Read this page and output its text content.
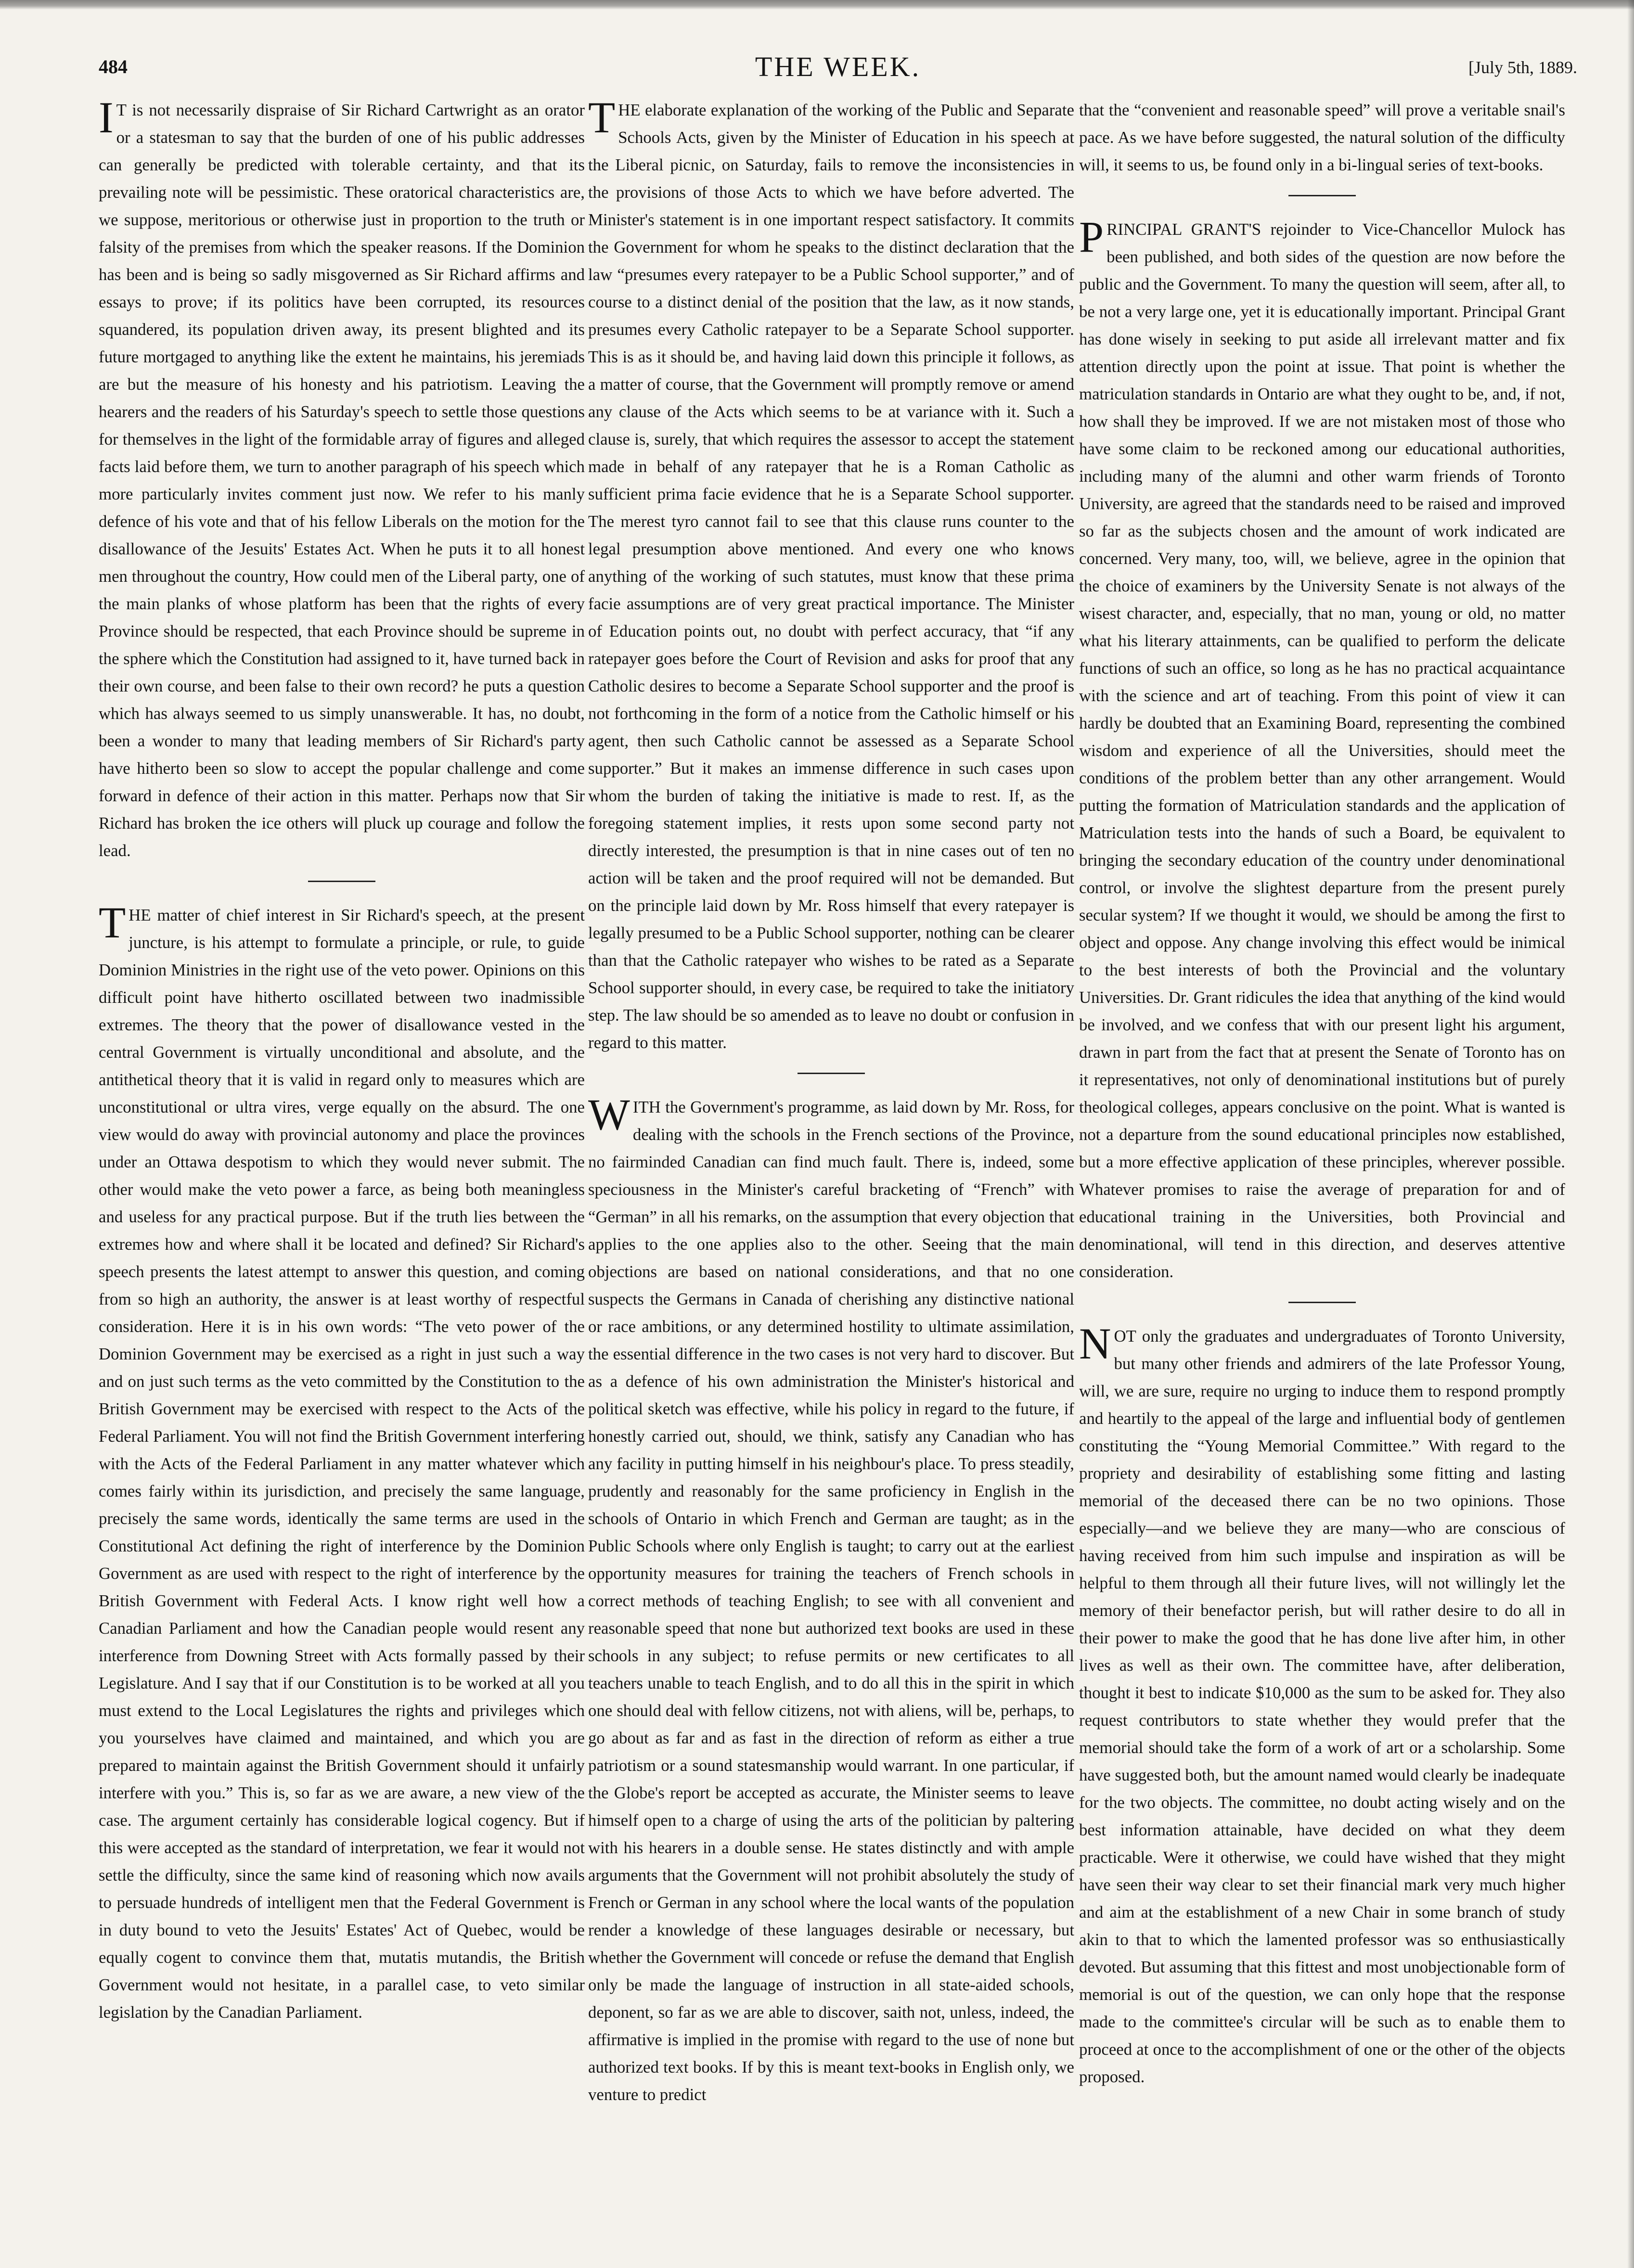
484	THE WEEK.	[July 5th, 1889.

I T is not necessarily dispraise of Sir Richard Cartwright as an orator or a statesman to say that the burden of one of his public addresses can generally be predicted with tolerable certainty, and that its prevailing note will be pessimistic. These oratorical characteristics are, we suppose, meritorious or otherwise just in proportion to the truth or falsity of the premises from which the speaker reasons. If the Dominion has been and is being so sadly misgoverned as Sir Richard affirms and essays to prove; if its politics have been corrupted, its resources squandered, its population driven away, its present blighted and its future mortgaged to anything like the extent he maintains, his jeremiads are but the measure of his honesty and his patriotism. Leaving the hearers and the readers of his Saturday's speech to settle those questions for themselves in the light of the formidable array of figures and alleged facts laid before them, we turn to another paragraph of his speech which more particularly invites comment just now. We refer to his manly defence of his vote and that of his fellow Liberals on the motion for the disallowance of the Jesuits' Estates Act. When he puts it to all honest men throughout the country, How could men of the Liberal party, one of the main planks of whose platform has been that the rights of every Province should be respected, that each Province should be supreme in the sphere which the Constitution had assigned to it, have turned back in their own course, and been false to their own record? he puts a question which has always seemed to us simply unanswerable. It has, no doubt, been a wonder to many that leading members of Sir Richard's party have hitherto been so slow to accept the popular challenge and come forward in defence of their action in this matter. Perhaps now that Sir Richard has broken the ice others will pluck up courage and follow the lead.

THE matter of chief interest in Sir Richard's speech, at the present juncture, is his attempt to formulate a principle, or rule, to guide Dominion Ministries in the right use of the veto power. Opinions on this difficult point have hitherto oscillated between two inadmissible extremes. The theory that the power of disallowance vested in the central Government is virtually unconditional and absolute, and the antithetical theory that it is valid in regard only to measures which are unconstitutional or ultra vires, verge equally on the absurd. The one view would do away with provincial autonomy and place the provinces under an Ottawa despotism to which they would never submit. The other would make the veto power a farce, as being both meaningless and useless for any practical purpose. But if the truth lies between the extremes how and where shall it be located and defined? Sir Richard's speech presents the latest attempt to answer this question, and coming from so high an authority, the answer is at least worthy of respectful consideration. Here it is in his own words: “The veto power of the Dominion Government may be exercised as a right in just such a way and on just such terms as the veto committed by the Constitution to the British Government may be exercised with respect to the Acts of the Federal Parliament. You will not find the British Government interfering with the Acts of the Federal Parliament in any matter whatever which comes fairly within its jurisdiction, and precisely the same language, precisely the same words, identically the same terms are used in the Constitutional Act defining the right of interference by the Dominion Government as are used with respect to the right of interference by the British Government with Federal Acts. I know right well how a Canadian Parliament and how the Canadian people would resent any interference from Downing Street with Acts formally passed by their Legislature. And I say that if our Constitution is to be worked at all you must extend to the Local Legislatures the rights and privileges which you yourselves have claimed and maintained, and which you are prepared to maintain against the British Government should it unfairly interfere with you.” This is, so far as we are aware, a new view of the case. The argument certainly has considerable logical cogency. But if this were accepted as the standard of interpretation, we fear it would not settle the difficulty, since the same kind of reasoning which now avails to persuade hundreds of intelligent men that the Federal Government is in duty bound to veto the Jesuits' Estates' Act of Quebec, would be equally cogent to convince them that, mutatis mutandis, the British Government would not hesitate, in a parallel case, to veto similar legislation by the Canadian Parliament.

THE elaborate explanation of the working of the Public and Separate Schools Acts, given by the Minister of Education in his speech at the Liberal picnic, on Saturday, fails to remove the inconsistencies in the provisions of those Acts to which we have before adverted. The Minister's statement is in one important respect satisfactory. It commits the Government for whom he speaks to the distinct declaration that the law “presumes every ratepayer to be a Public School supporter,” and of course to a distinct denial of the position that the law, as it now stands, presumes every Catholic ratepayer to be a Separate School supporter. This is as it should be, and having laid down this principle it follows, as a matter of course, that the Government will promptly remove or amend any clause of the Acts which seems to be at variance with it. Such a clause is, surely, that which requires the assessor to accept the statement made in behalf of any ratepayer that he is a Roman Catholic as sufficient prima facie evidence that he is a Separate School supporter. The merest tyro cannot fail to see that this clause runs counter to the legal presumption above mentioned. And every one who knows anything of the working of such statutes, must know that these prima facie assumptions are of very great practical importance. The Minister of Education points out, no doubt with perfect accuracy, that “if any ratepayer goes before the Court of Revision and asks for proof that any Catholic desires to become a Separate School supporter and the proof is not forthcoming in the form of a notice from the Catholic himself or his agent, then such Catholic cannot be assessed as a Separate School supporter.” But it makes an immense difference in such cases upon whom the burden of taking the initiative is made to rest. If, as the foregoing statement implies, it rests upon some second party not directly interested, the presumption is that in nine cases out of ten no action will be taken and the proof required will not be demanded. But on the principle laid down by Mr. Ross himself that every ratepayer is legally presumed to be a Public School supporter, nothing can be clearer than that the Catholic ratepayer who wishes to be rated as a Separate School supporter should, in every case, be required to take the initiatory step. The law should be so amended as to leave no doubt or confusion in regard to this matter.

WITH the Government's programme, as laid down by Mr. Ross, for dealing with the schools in the French sections of the Province, no fairminded Canadian can find much fault. There is, indeed, some speciousness in the Minister's careful bracketing of “French” with “German” in all his remarks, on the assumption that every objection that applies to the one applies also to the other. Seeing that the main objections are based on national considerations, and that no one suspects the Germans in Canada of cherishing any distinctive national or race ambitions, or any determined hostility to ultimate assimilation, the essential difference in the two cases is not very hard to discover. But as a defence of his own administration the Minister's historical and political sketch was effective, while his policy in regard to the future, if honestly carried out, should, we think, satisfy any Canadian who has any facility in putting himself in his neighbour's place. To press steadily, prudently and reasonably for the same proficiency in English in the schools of Ontario in which French and German are taught; as in the Public Schools where only English is taught; to carry out at the earliest opportunity measures for training the teachers of French schools in correct methods of teaching English; to see with all convenient and reasonable speed that none but authorized text books are used in these schools in any subject; to refuse permits or new certificates to all teachers unable to teach English, and to do all this in the spirit in which one should deal with fellow citizens, not with aliens, will be, perhaps, to go about as far and as fast in the direction of reform as either a true patriotism or a sound statesmanship would warrant. In one particular, if the Globe's report be accepted as accurate, the Minister seems to leave himself open to a charge of using the arts of the politician by paltering with his hearers in a double sense. He states distinctly and with ample arguments that the Government will not prohibit absolutely the study of French or German in any school where the local wants of the population render a knowledge of these languages desirable or necessary, but whether the Government will concede or refuse the demand that English only be made the language of instruction in all state-aided schools, deponent, so far as we are able to discover, saith not, unless, indeed, the affirmative is implied in the promise with regard to the use of none but authorized text books. If by this is meant text-books in English only, we venture to predict

that the “convenient and reasonable speed” will prove a veritable snail's pace. As we have before suggested, the natural solution of the difficulty will, it seems to us, be found only in a bi-lingual series of text-books.

PRINCIPAL GRANT'S rejoinder to Vice-Chancellor Mulock has been published, and both sides of the question are now before the public and the Government. To many the question will seem, after all, to be not a very large one, yet it is educationally important. Principal Grant has done wisely in seeking to put aside all irrelevant matter and fix attention directly upon the point at issue. That point is whether the matriculation standards in Ontario are what they ought to be, and, if not, how shall they be improved. If we are not mistaken most of those who have some claim to be reckoned among our educational authorities, including many of the alumni and other warm friends of Toronto University, are agreed that the standards need to be raised and improved so far as the subjects chosen and the amount of work indicated are concerned. Very many, too, will, we believe, agree in the opinion that the choice of examiners by the University Senate is not always of the wisest character, and, especially, that no man, young or old, no matter what his literary attainments, can be qualified to perform the delicate functions of such an office, so long as he has no practical acquaintance with the science and art of teaching. From this point of view it can hardly be doubted that an Examining Board, representing the combined wisdom and experience of all the Universities, should meet the conditions of the problem better than any other arrangement. Would putting the formation of Matriculation standards and the application of Matriculation tests into the hands of such a Board, be equivalent to bringing the secondary education of the country under denominational control, or involve the slightest departure from the present purely secular system? If we thought it would, we should be among the first to object and oppose. Any change involving this effect would be inimical to the best interests of both the Provincial and the voluntary Universities. Dr. Grant ridicules the idea that anything of the kind would be involved, and we confess that with our present light his argument, drawn in part from the fact that at present the Senate of Toronto has on it representatives, not only of denominational institutions but of purely theological colleges, appears conclusive on the point. What is wanted is not a departure from the sound educational principles now established, but a more effective application of these principles, wherever possible. Whatever promises to raise the average of preparation for and of educational training in the Universities, both Provincial and denominational, will tend in this direction, and deserves attentive consideration.

NOT only the graduates and undergraduates of Toronto University, but many other friends and admirers of the late Professor Young, will, we are sure, require no urging to induce them to respond promptly and heartily to the appeal of the large and influential body of gentlemen constituting the “Young Memorial Committee.” With regard to the propriety and desirability of establishing some fitting and lasting memorial of the deceased there can be no two opinions. Those especially—and we believe they are many—who are conscious of having received from him such impulse and inspiration as will be helpful to them through all their future lives, will not willingly let the memory of their benefactor perish, but will rather desire to do all in their power to make the good that he has done live after him, in other lives as well as their own. The committee have, after deliberation, thought it best to indicate $10,000 as the sum to be asked for. They also request contributors to state whether they would prefer that the memorial should take the form of a work of art or a scholarship. Some have suggested both, but the amount named would clearly be inadequate for the two objects. The committee, no doubt acting wisely and on the best information attainable, have decided on what they deem practicable. Were it otherwise, we could have wished that they might have seen their way clear to set their financial mark very much higher and aim at the establishment of a new Chair in some branch of study akin to that to which the lamented professor was so enthusiastically devoted. But assuming that this fittest and most unobjectionable form of memorial is out of the question, we can only hope that the response made to the committee's circular will be such as to enable them to proceed at once to the accomplishment of one or the other of the objects proposed.
